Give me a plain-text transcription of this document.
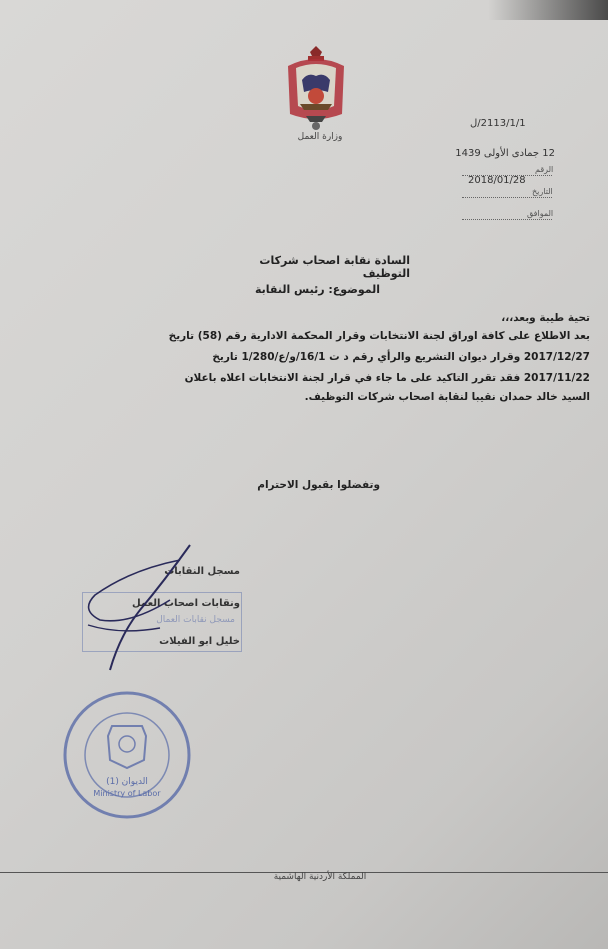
وزارة العمل
2113/1/1/ل
12 جمادى الأولى 1439
الرقم
2018/01/28
التاريخ
الموافق
السادة نقابة اصحاب شركات التوظيف
الموضوع: رئيس النقابة
تحية طيبة وبعد،،،
بعد الاطلاع على كافة اوراق لجنة الانتخابات وقرار المحكمة الادارية رقم (58) تاريخ
2017/12/27 وقرار ديوان التشريع والرأي رقم د ت 16/1/و/ع/1/280 تاريخ
2017/11/22 فقد تقرر التاكيد على ما جاء في قرار لجنة الانتخابات اعلاه باعلان
السيد خالد حمدان نقيبا لنقابة اصحاب شركات التوظيف.
وتفضلوا بقبول الاحترام
مسجل نقابات العمال
مسجل النقابات
ونقابات اصحاب العمل
خليل ابو الفيلات
الديوان (1)
Ministry of Labor
المملكة الأردنية الهاشمية
